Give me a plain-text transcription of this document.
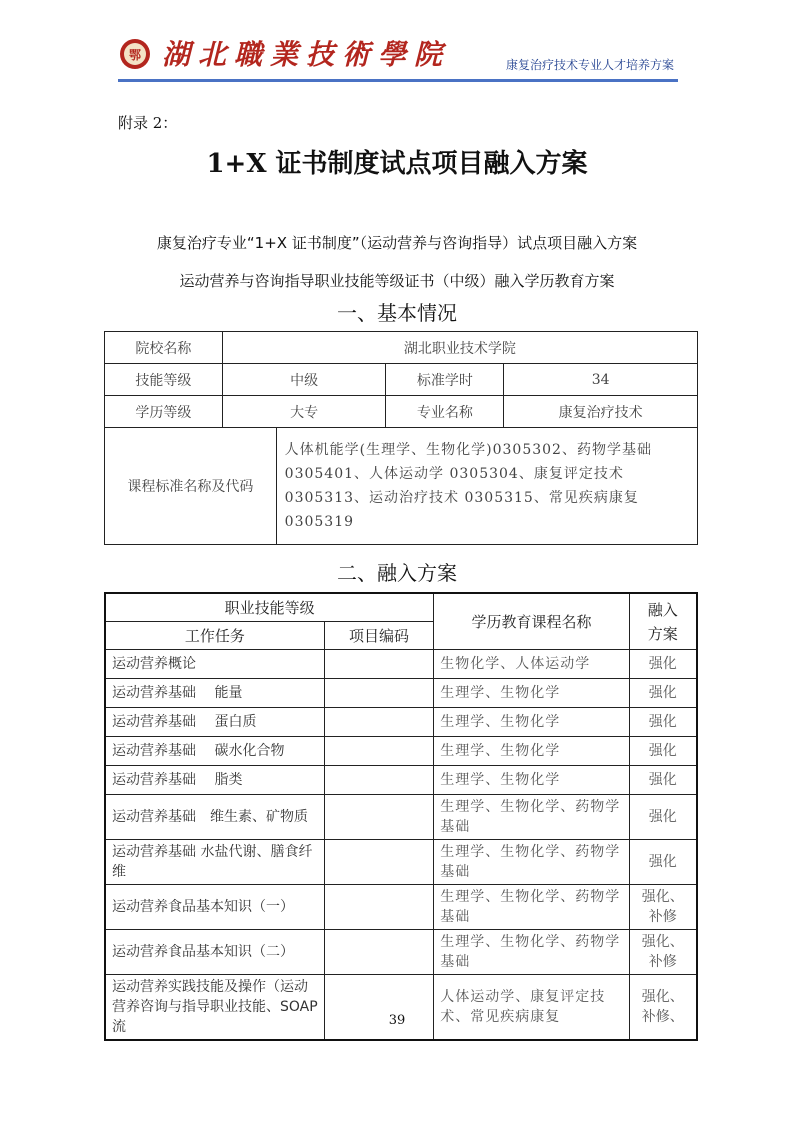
鄂 湖北職業技術學院	康复治疗技术专业人才培养方案
附录 2：
1+X 证书制度试点项目融入方案
康复治疗专业“1+X 证书制度”（运动营养与咨询指导）试点项目融入方案
运动营养与咨询指导职业技能等级证书（中级）融入学历教育方案
一、基本情况
院校名称	湖北职业技术学院			
技能等级	中级		标准学时	34
学历等级	大专		专业名称	康复治疗技术
课程标准名称及代码		人体机能学(生理学、生物化学)0305302、药物学基础 0305401、人体运动学 0305304、康复评定技术 0305313、运动治疗技术 0305315、常见疾病康复 0305319		
二、融入方案
职业技能等级		学历教育课程名称	融入方案
工作任务	项目编码		
运动营养概论		生物化学、人体运动学	强化
运动营养基础　 能量		生理学、生物化学	强化
运动营养基础　 蛋白质		生理学、生物化学	强化
运动营养基础　 碳水化合物		生理学、生物化学	强化
运动营养基础　 脂类		生理学、生物化学	强化
运动营养基础　维生素、矿物质		生理学、生物化学、药物学基础	强化
运动营养基础 水盐代谢、膳食纤维		生理学、生物化学、药物学基础	强化
运动营养食品基本知识（一）		生理学、生物化学、药物学基础	强化、补修
运动营养食品基本知识（二）		生理学、生物化学、药物学基础	强化、补修
运动营养实践技能及操作（运动营养咨询与指导职业技能、SOAP 流		人体运动学、康复评定技术、常见疾病康复	强化、补修、
39
